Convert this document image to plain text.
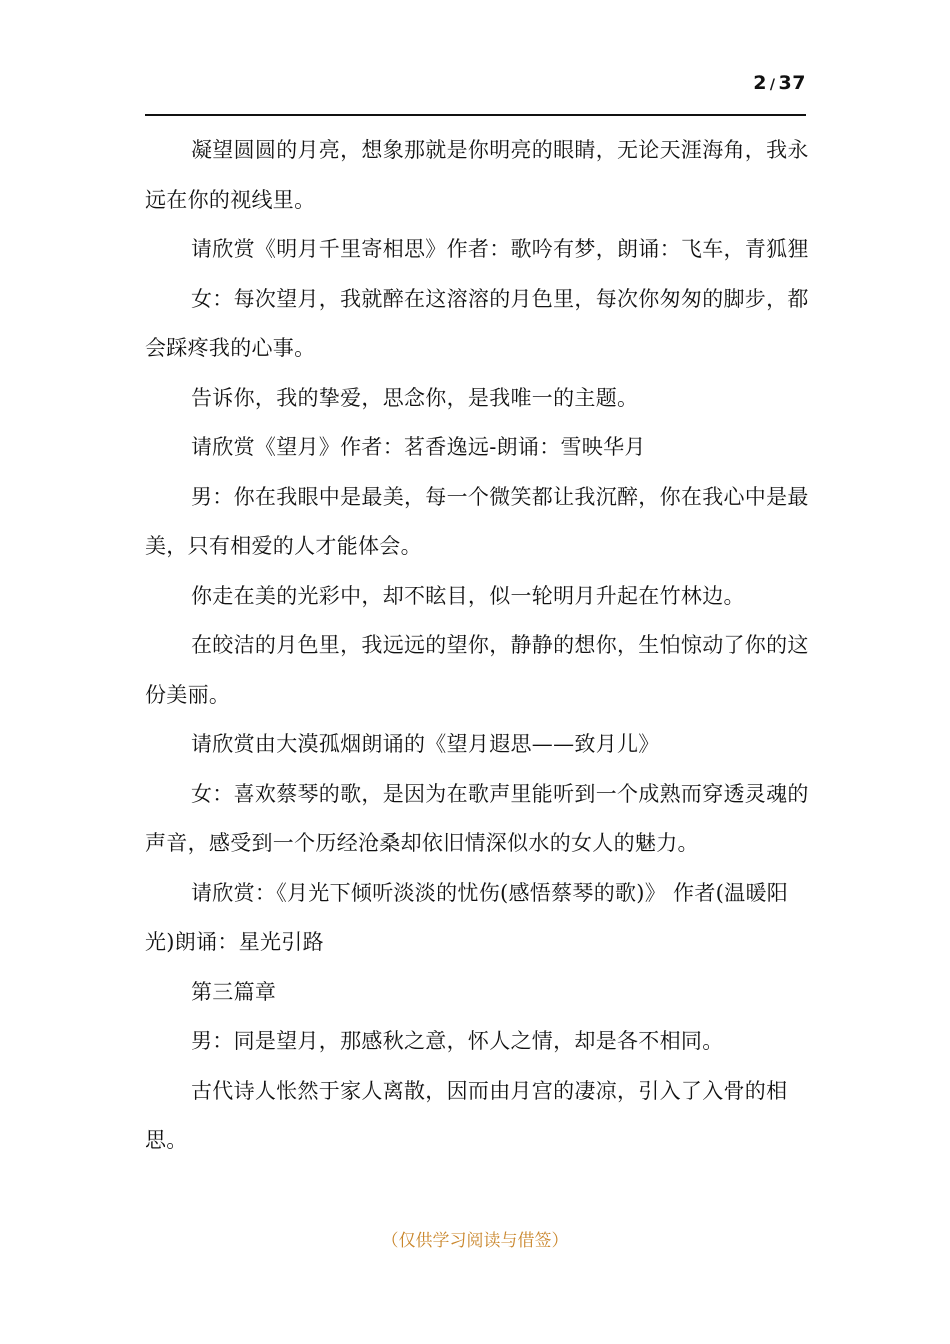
2 / 37

凝望圆圆的月亮，想象那就是你明亮的眼睛，无论天涯海角，我永远在你的视线里。

请欣赏《明月千里寄相思》作者：歌吟有梦，朗诵：飞车，青狐狸

女：每次望月，我就醉在这溶溶的月色里，每次你匆匆的脚步，都会踩疼我的心事。

告诉你，我的挚爱，思念你，是我唯一的主题。

请欣赏《望月》作者：茗香逸远-朗诵：雪映华月

男：你在我眼中是最美，每一个微笑都让我沉醉，你在我心中是最美，只有相爱的人才能体会。

你走在美的光彩中，却不眩目，似一轮明月升起在竹林边。

在皎洁的月色里，我远远的望你，静静的想你，生怕惊动了你的这份美丽。

请欣赏由大漠孤烟朗诵的《望月遐思——致月儿》

女：喜欢蔡琴的歌，是因为在歌声里能听到一个成熟而穿透灵魂的声音，感受到一个历经沧桑却依旧情深似水的女人的魅力。

请欣赏：《月光下倾听淡淡的忧伤(感悟蔡琴的歌)》 作者(温暖阳光)朗诵：星光引路

第三篇章

男：同是望月，那感秋之意，怀人之情，却是各不相同。

古代诗人怅然于家人离散，因而由月宫的凄凉，引入了入骨的相思。

（仅供学习阅读与借签）
